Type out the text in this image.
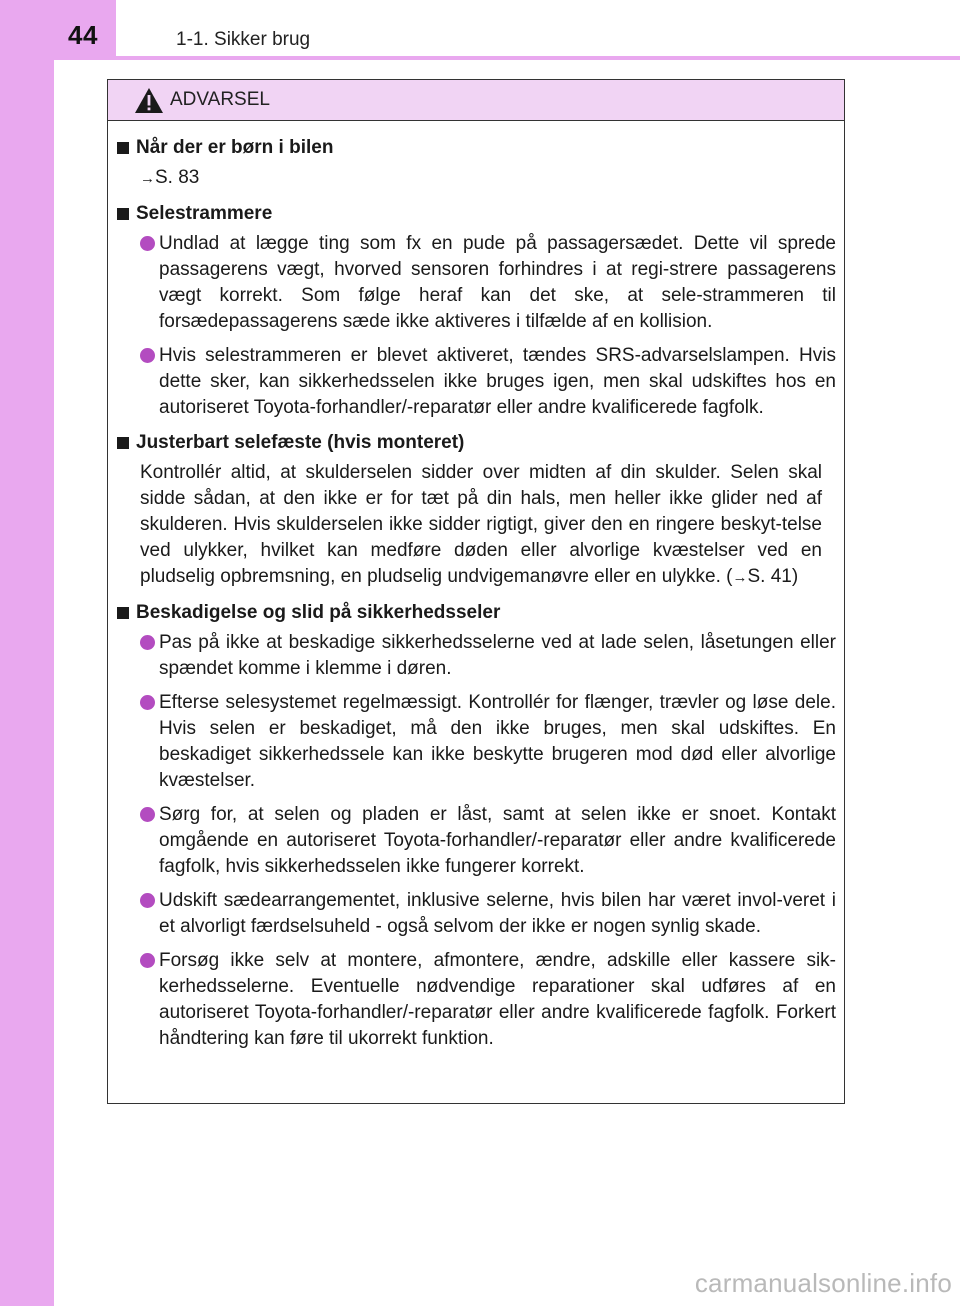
44	1-1. Sikker brug
ADVARSEL
Når der er børn i bilen
→S. 83
Selestrammere
Undlad at lægge ting som fx en pude på passagersædet. Dette vil sprede passagerens vægt, hvorved sensoren forhindres i at regi-strere passagerens vægt korrekt. Som følge heraf kan det ske, at sele-strammeren til forsædepassagerens sæde ikke aktiveres i tilfælde af en kollision.
Hvis selestrammeren er blevet aktiveret, tændes SRS-advarselslampen. Hvis dette sker, kan sikkerhedsselen ikke bruges igen, men skal udskiftes hos en autoriseret Toyota-forhandler/-reparatør eller andre kvalificerede fagfolk.
Justerbart selefæste (hvis monteret)
Kontrollér altid, at skulderselen sidder over midten af din skulder. Selen skal sidde sådan, at den ikke er for tæt på din hals, men heller ikke glider ned af skulderen. Hvis skulderselen ikke sidder rigtigt, giver den en ringere beskyt-telse ved ulykker, hvilket kan medføre døden eller alvorlige kvæstelser ved en pludselig opbremsning, en pludselig undvigemanøvre eller en ulykke. (→S. 41)
Beskadigelse og slid på sikkerhedsseler
Pas på ikke at beskadige sikkerhedsselerne ved at lade selen, låsetungen eller spændet komme i klemme i døren.
Efterse selesystemet regelmæssigt. Kontrollér for flænger, trævler og løse dele. Hvis selen er beskadiget, må den ikke bruges, men skal udskiftes. En beskadiget sikkerhedssele kan ikke beskytte brugeren mod død eller alvorlige kvæstelser.
Sørg for, at selen og pladen er låst, samt at selen ikke er snoet. Kontakt omgående en autoriseret Toyota-forhandler/-reparatør eller andre kvalificerede fagfolk, hvis sikkerhedsselen ikke fungerer korrekt.
Udskift sædearrangementet, inklusive selerne, hvis bilen har været invol-veret i et alvorligt færdselsuheld - også selvom der ikke er nogen synlig skade.
Forsøg ikke selv at montere, afmontere, ændre, adskille eller kassere sik-kerhedsselerne. Eventuelle nødvendige reparationer skal udføres af en autoriseret Toyota-forhandler/-reparatør eller andre kvalificerede fagfolk. Forkert håndtering kan føre til ukorrekt funktion.
carmanualsonline.info
